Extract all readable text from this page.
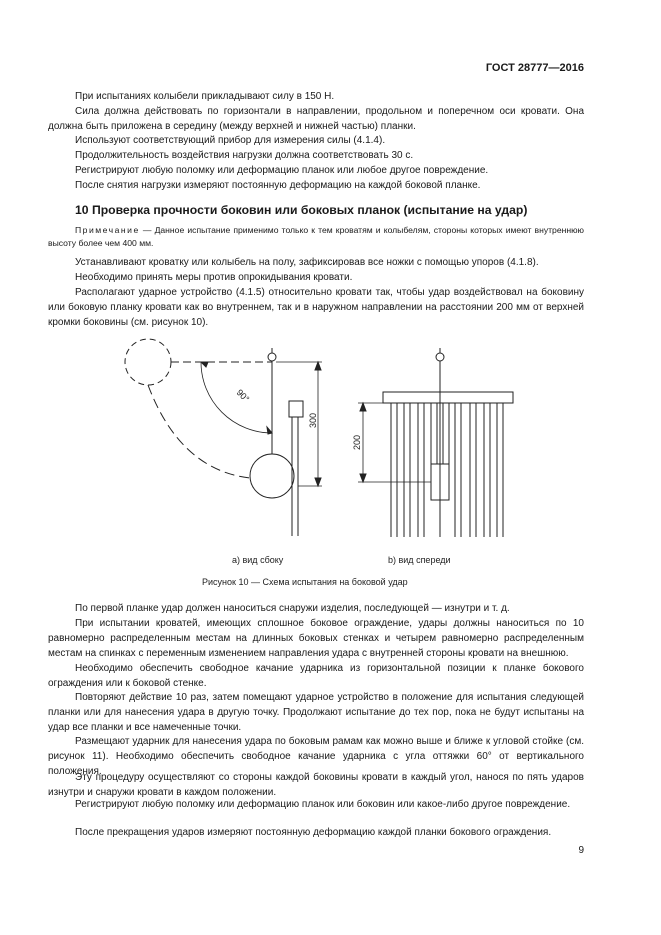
ГОСТ 28777—2016

При испытаниях колыбели прикладывают силу в 150 Н.

Сила должна действовать по горизонтали в направлении, продольном и поперечном оси кровати. Она должна быть приложена в середину (между верхней и нижней частью) планки.

Используют соответствующий прибор для измерения силы (4.1.4).

Продолжительность воздействия нагрузки должна соответствовать 30 с.

Регистрируют любую поломку или деформацию планок или любое другое повреждение.

После снятия нагрузки измеряют постоянную деформацию на каждой боковой планке.

10 Проверка прочности боковин или боковых планок (испытание на удар)

Примечание — Данное испытание применимо только к тем кроватям и колыбелям, стороны которых имеют внутреннюю высоту более чем 400 мм.

Устанавливают кроватку или колыбель на полу, зафиксировав все ножки с помощью упоров (4.1.8).

Необходимо принять меры против опрокидывания кровати.

Располагают ударное устройство (4.1.5) относительно кровати так, чтобы удар воздействовал на боковину или боковую планку кровати как во внутреннем, так и в наружном направлении на расстоянии 200 мм от верхней кромки боковины (см. рисунок 10).

90°
300
200
а) вид сбоку	b) вид спереди
Рисунок 10 — Схема испытания на боковой удар

По первой планке удар должен наноситься снаружи изделия, последующей — изнутри и т. д.

При испытании кроватей, имеющих сплошное боковое ограждение, удары должны наноситься по 10 равномерно распределенным местам на длинных боковых стенках и четырем равномерно распределенным местам на спинках с переменным изменением направления удара с внутренней стороны кровати на внешнюю.

Необходимо обеспечить свободное качание ударника из горизонтальной позиции к планке бокового ограждения или к боковой стенке.

Повторяют действие 10 раз, затем помещают ударное устройство в положение для испытания следующей планки или для нанесения удара в другую точку. Продолжают испытание до тех пор, пока не будут испытаны на удар все планки и все намеченные точки.

Размещают ударник для нанесения удара по боковым рамам как можно выше и ближе к угловой стойке (см. рисунок 11). Необходимо обеспечить свободное качание ударника с угла оттяжки 60° от вертикального положения.

Эту процедуру осуществляют со стороны каждой боковины кровати в каждый угол, нанося по пять ударов изнутри и снаружи кровати в каждом положении.

Регистрируют любую поломку или деформацию планок или боковин или какое-либо другое повреждение.

После прекращения ударов измеряют постоянную деформацию каждой планки бокового ограждения.

9
